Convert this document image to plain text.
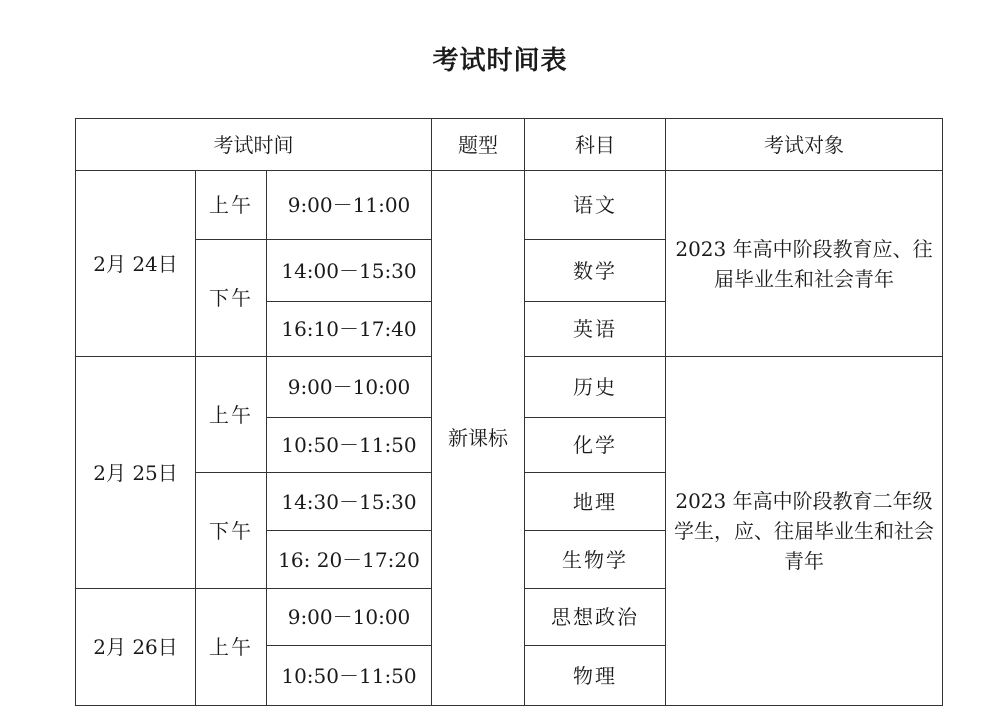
考试时间表
考试时间			题型	科目	考试对象
2月 24日	上午	9:00－11:00	新课标	语文	2023 年高中阶段教育应、往届毕业生和社会青年
	下午	14:00－15:30		数学	
		16:10－17:40		英语	
2月 25日	上午	9:00－10:00		历史	2023 年高中阶段教育二年级学生，应、往届毕业生和社会青年
		10:50－11:50		化学	
	下午	14:30－15:30		地理	
		16: 20－17:20		生物学	
2月 26日	上午	9:00－10:00		思想政治	
		10:50－11:50		物理	
